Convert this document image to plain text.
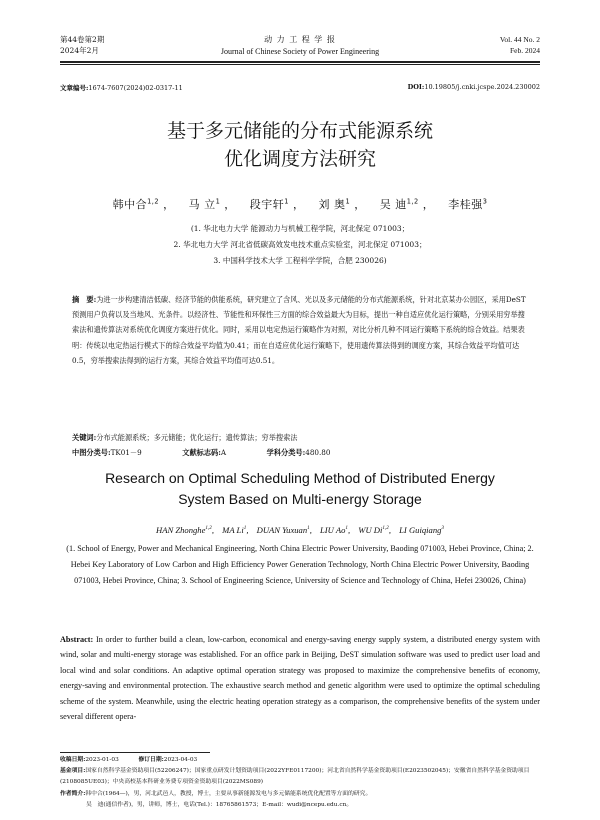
第44卷第2期
2024年2月
动 力 工 程 学 报
Journal of Chinese Society of Power Engineering
Vol. 44 No. 2
Feb. 2024
文章编号:1674-7607(2024)02-0317-11	DOI:10.19805/j.cnki.jcspe.2024.230002
基于多元储能的分布式能源系统
优化调度方法研究
韩中合$^{1,2}$ ， 马 立$^1$ ， 段宇轩$^1$ ， 刘 奥$^1$ ， 吴 迪$^{1,2}$ ， 李桂强$^3$
(1. 华北电力大学 能源动力与机械工程学院，河北保定 071003；
2. 华北电力大学 河北省低碳高效发电技术重点实验室，河北保定 071003；
3. 中国科学技术大学 工程科学学院，合肥 230026)
摘　要:为进一步构建清洁低碳、经济节能的供能系统，研究建立了含风、光以及多元储能的分布式能源系统，针对北京某办公园区，采用DeST预测用户负荷以及当地风、光条件。以经济性、节能性和环保性三方面的综合效益最大为目标，提出一种自适应优化运行策略，分别采用穷举搜索法和遗传算法对系统优化调度方案进行优化。同时，采用以电定热运行策略作为对照，对比分析几种不同运行策略下系统的综合效益。结果表明：传统以电定热运行模式下的综合效益平均值为0.41；而在自适应优化运行策略下，使用遗传算法得到的调度方案，其综合效益平均值可达0.5，穷举搜索法得到的运行方案，其综合效益平均值可达0.51。
关键词:分布式能源系统；多元储能；优化运行；遗传算法；穷举搜索法
中图分类号:TK01－9	文献标志码:A	学科分类号:480.80
Research on Optimal Scheduling Method of Distributed Energy
System Based on Multi-energy Storage
HAN Zhonghe$^{1,2}$, MA Li$^1$, DUAN Yuxuan$^1$, LIU Ao$^1$, WU Di$^{1,2}$, LI Guiqiang$^3$
(1. School of Energy, Power and Mechanical Engineering, North China Electric Power University, Baoding 071003, Hebei Province, China; 2. Hebei Key Laboratory of Low Carbon and High Efficiency Power Generation Technology, North China Electric Power University, Baoding 071003, Hebei Province, China; 3. School of Engineering Science, University of Science and Technology of China, Hefei 230026, China)
Abstract: In order to further build a clean, low-carbon, economical and energy-saving energy supply system, a distributed energy system with wind, solar and multi-energy storage was established. For an office park in Beijing, DeST simulation software was used to predict user load and local wind and solar conditions. An adaptive optimal operation strategy was proposed to maximize the comprehensive benefits of economy, energy-saving and environmental protection. The exhaustive search method and genetic algorithm were used to optimize the optimal scheduling scheme of the system. Meanwhile, using the electric heating operation strategy as a comparison, the comprehensive benefits of the system under several different opera-
收稿日期:2023-01-03	修订日期:2023-04-03
基金项目:国家自然科学基金资助项目(52206247)；国家重点研发计划资助项目(2022YFE0117200)；河北省自然科学基金资助项目(E2023502045)；安徽省自然科学基金资助项目(2108085UE03)；中央高校基本科研业务费专项资金资助项目(2022MS089)
作者简介:韩中合(1964—)，男，河北武邑人，教授，博士，主要从事新能源发电与多元储能系统优化配置等方面的研究。
吴　迪(通信作者)，男，讲师，博士，电话(Tel.)：18765861573；E-mail：wudi@ncepu.edu.cn。
